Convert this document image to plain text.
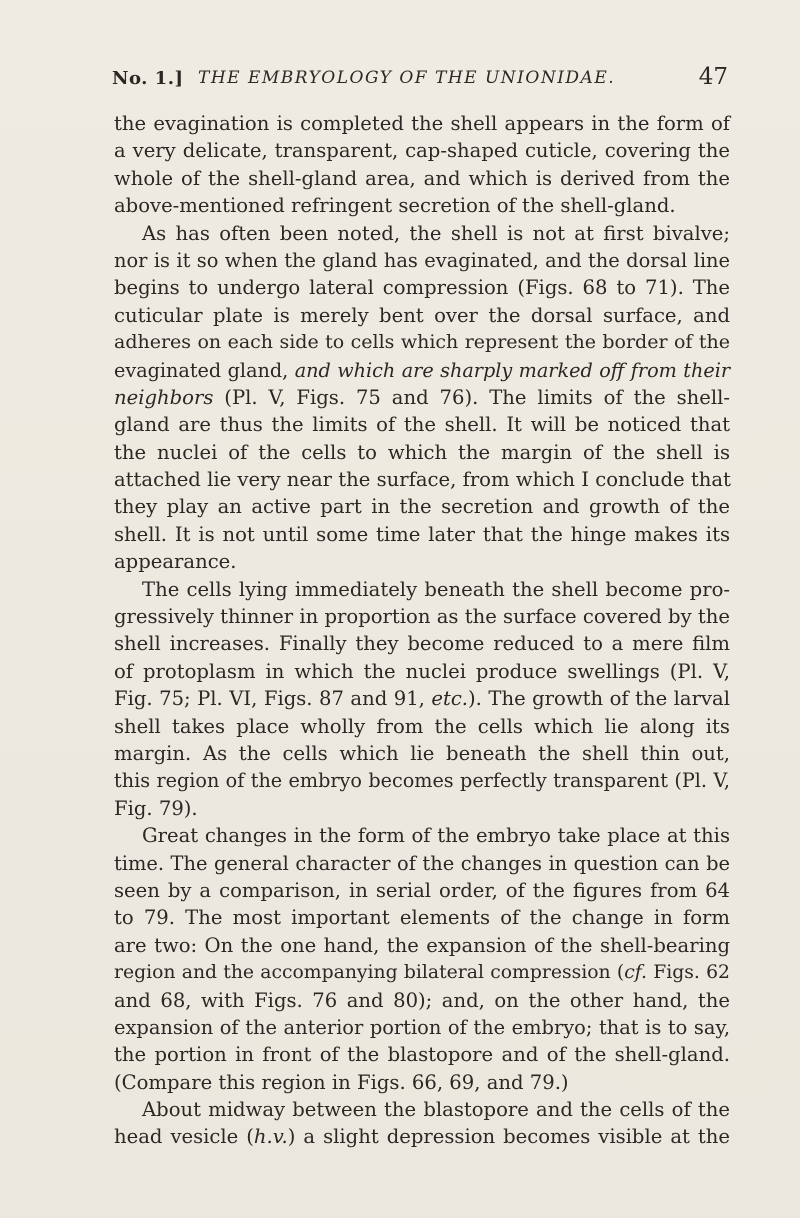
No. 1.] THE EMBRYOLOGY OF THE UNIONIDAE.	47
the evagination is completed the shell appears in the form of
a very delicate, transparent, cap-shaped cuticle, covering the
whole of the shell-gland area, and which is derived from the
above-mentioned refringent secretion of the shell-gland.
As has often been noted, the shell is not at first bivalve;
nor is it so when the gland has evaginated, and the dorsal line
begins to undergo lateral compression (Figs. 68 to 71). The
cuticular plate is merely bent over the dorsal surface, and
adheres on each side to cells which represent the border of the
evaginated gland, and which are sharply marked off from their
neighbors (Pl. V, Figs. 75 and 76). The limits of the shell-
gland are thus the limits of the shell. It will be noticed that
the nuclei of the cells to which the margin of the shell is
attached lie very near the surface, from which I conclude that
they play an active part in the secretion and growth of the
shell. It is not until some time later that the hinge makes its
appearance.
The cells lying immediately beneath the shell become pro-
gressively thinner in proportion as the surface covered by the
shell increases. Finally they become reduced to a mere film
of protoplasm in which the nuclei produce swellings (Pl. V,
Fig. 75; Pl. VI, Figs. 87 and 91, etc.). The growth of the larval
shell takes place wholly from the cells which lie along its
margin. As the cells which lie beneath the shell thin out,
this region of the embryo becomes perfectly transparent (Pl. V,
Fig. 79).
Great changes in the form of the embryo take place at this
time. The general character of the changes in question can be
seen by a comparison, in serial order, of the figures from 64
to 79. The most important elements of the change in form
are two: On the one hand, the expansion of the shell-bearing
region and the accompanying bilateral compression (cf. Figs. 62
and 68, with Figs. 76 and 80); and, on the other hand, the
expansion of the anterior portion of the embryo; that is to say,
the portion in front of the blastopore and of the shell-gland.
(Compare this region in Figs. 66, 69, and 79.)
About midway between the blastopore and the cells of the
head vesicle (h.v.) a slight depression becomes visible at the
